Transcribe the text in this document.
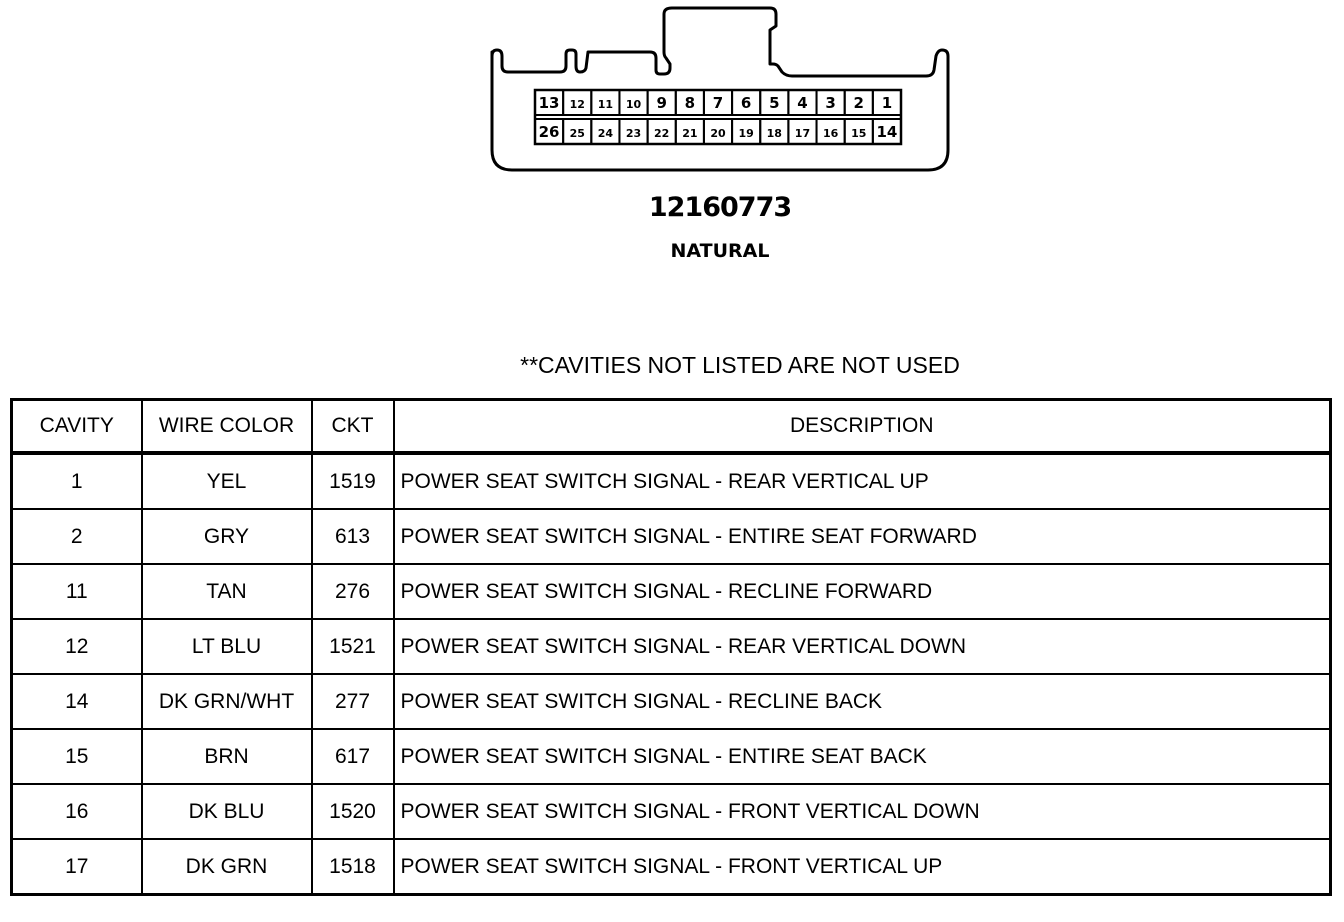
13 12 11 10 9 8 7 6 5 4 3 2 1
26 25 24 23 22 21 20 19 18 17 16 15 14
12160773
NATURAL
**CAVITIES NOT LISTED ARE NOT USED
CAVITY	WIRE COLOR	CKT	DESCRIPTION
1	YEL	1519	POWER SEAT SWITCH SIGNAL - REAR VERTICAL UP
2	GRY	613	POWER SEAT SWITCH SIGNAL - ENTIRE SEAT FORWARD
11	TAN	276	POWER SEAT SWITCH SIGNAL - RECLINE FORWARD
12	LT BLU	1521	POWER SEAT SWITCH SIGNAL - REAR VERTICAL DOWN
14	DK GRN/WHT	277	POWER SEAT SWITCH SIGNAL - RECLINE BACK
15	BRN	617	POWER SEAT SWITCH SIGNAL - ENTIRE SEAT BACK
16	DK BLU	1520	POWER SEAT SWITCH SIGNAL - FRONT VERTICAL DOWN
17	DK GRN	1518	POWER SEAT SWITCH SIGNAL - FRONT VERTICAL UP
